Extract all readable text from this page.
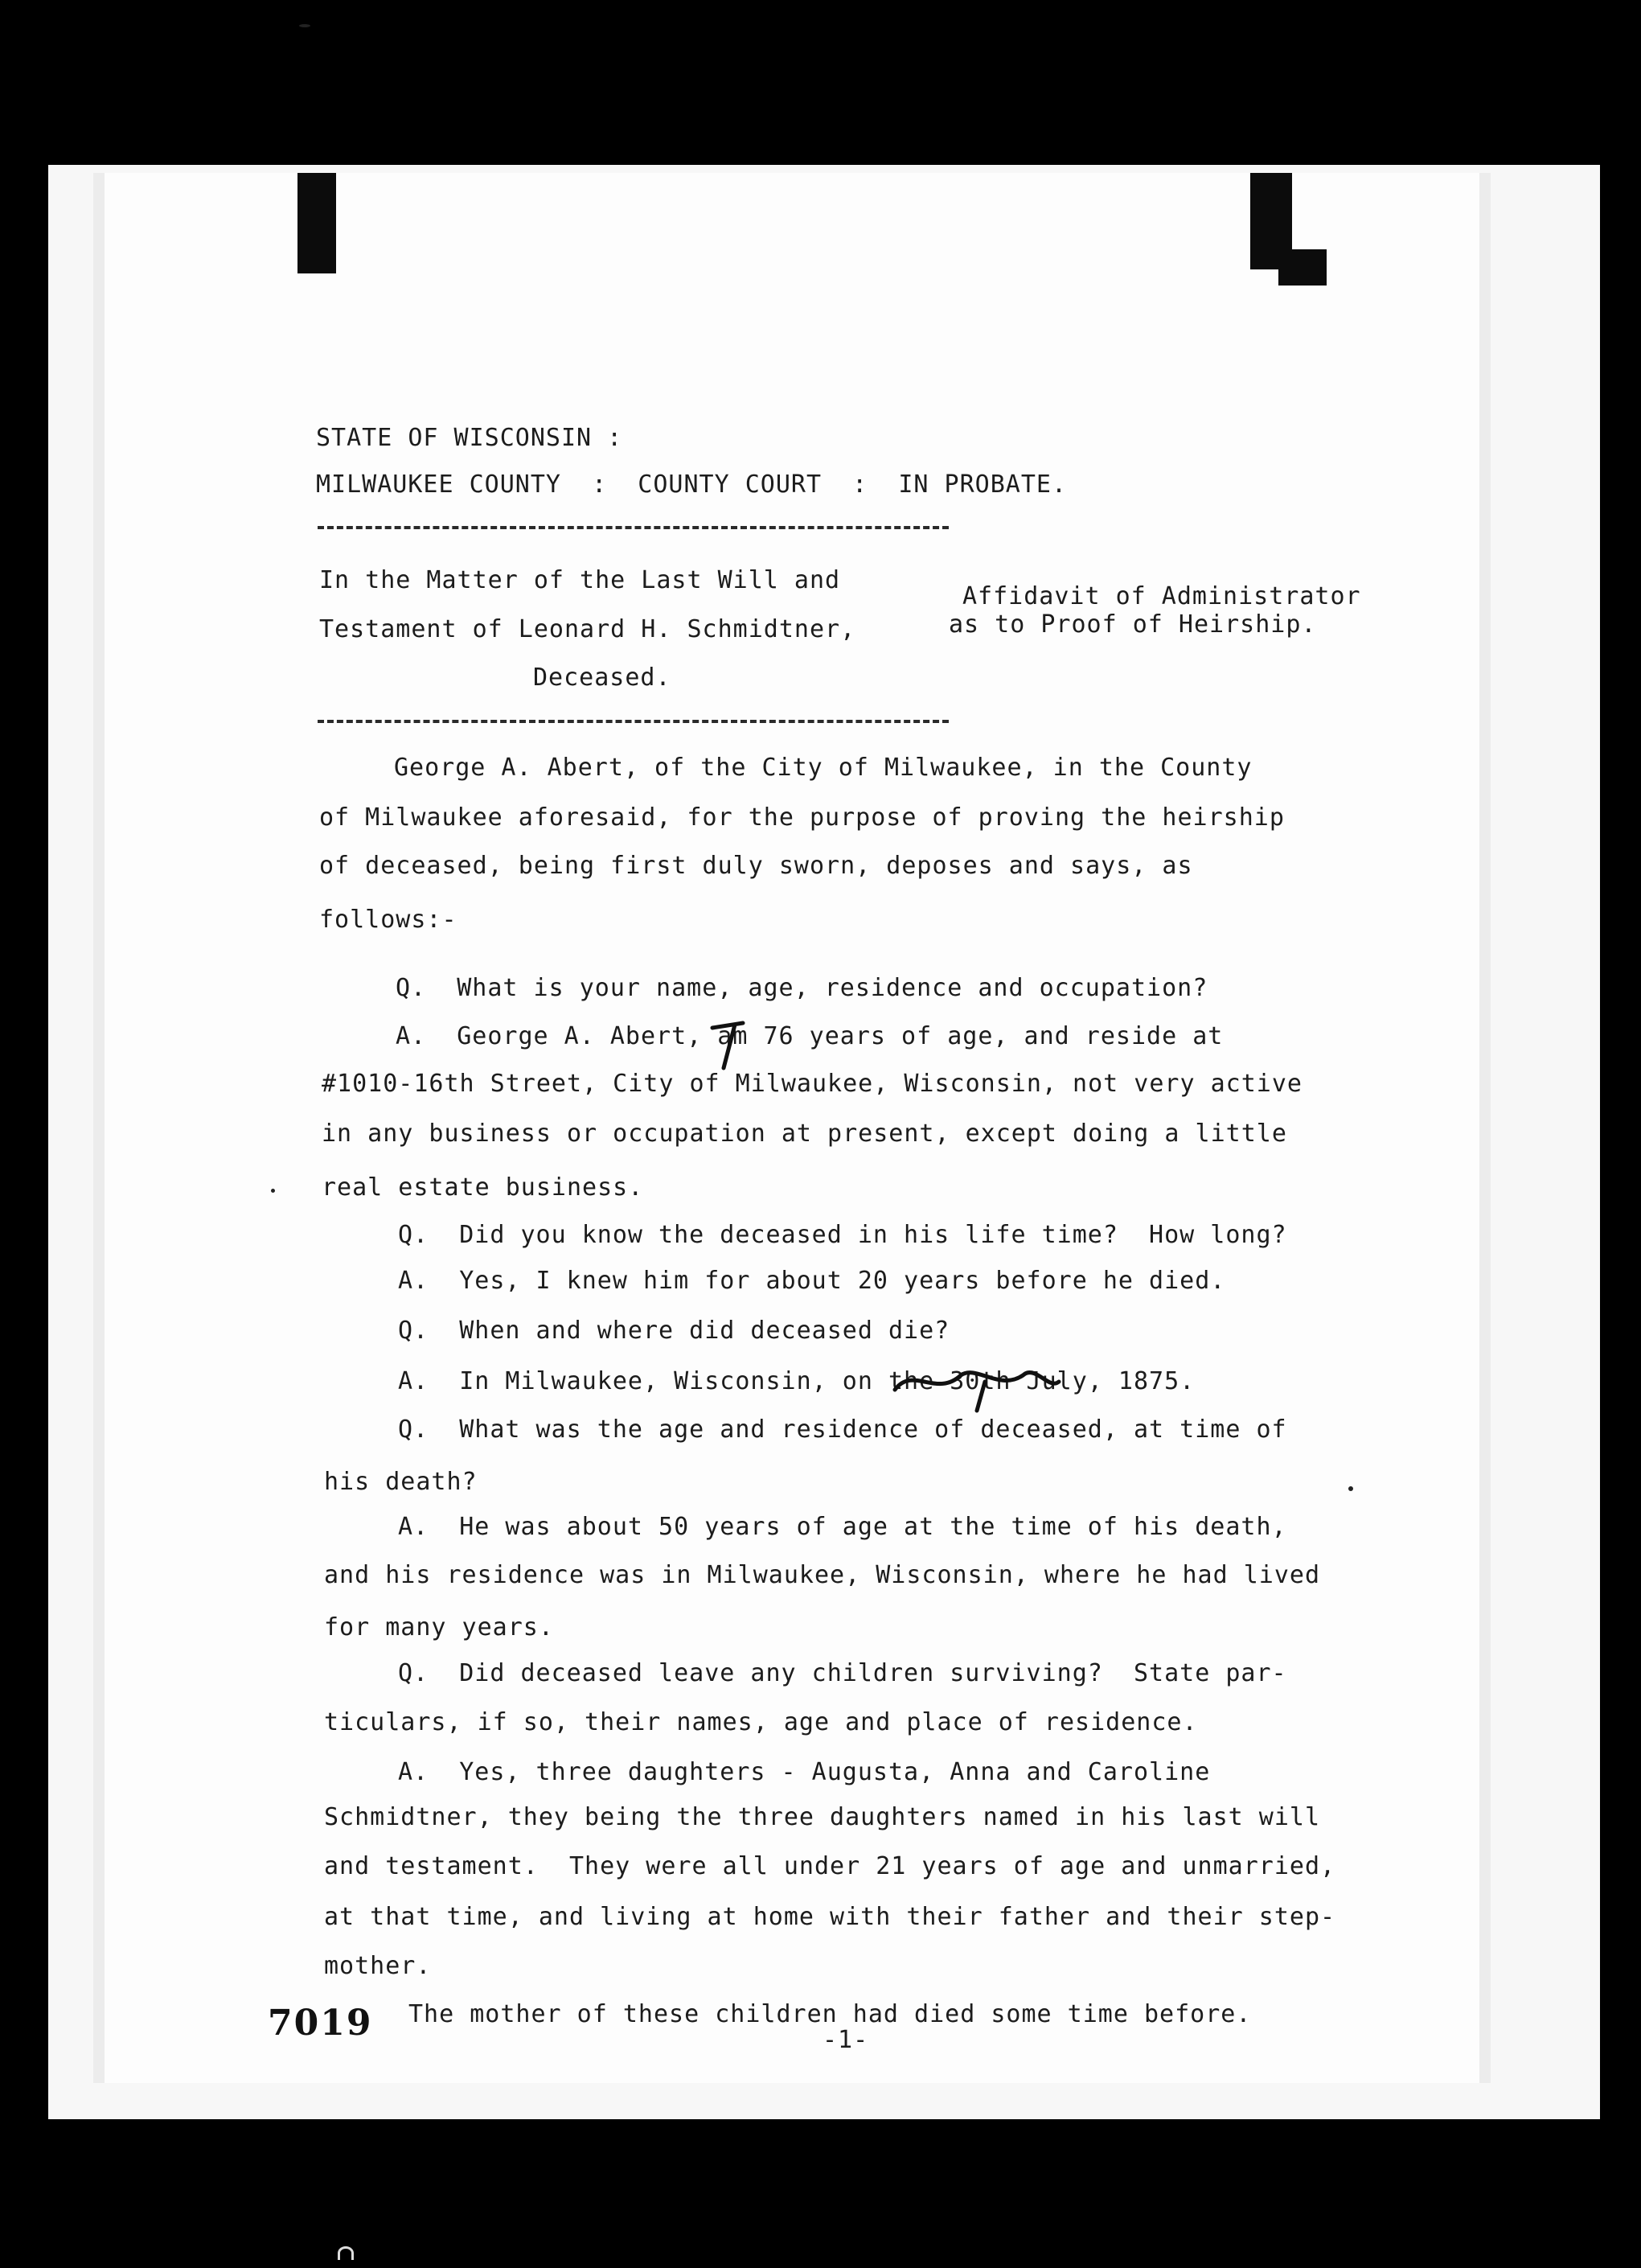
STATE OF WISCONSIN :
MILWAUKEE COUNTY  :  COUNTY COURT  :  IN PROBATE.
In the Matter of the Last Will and
Testament of Leonard H. Schmidtner,
Deceased.
Affidavit of Administrator
as to Proof of Heirship.
George A. Abert, of the City of Milwaukee, in the County
of Milwaukee aforesaid, for the purpose of proving the heirship
of deceased, being first duly sworn, deposes and says, as
follows:-
Q.  What is your name, age, residence and occupation?
A.  George A. Abert, am 76 years of age, and reside at
#1010-16th Street, City of Milwaukee, Wisconsin, not very active
in any business or occupation at present, except doing a little
real estate business.
Q.  Did you know the deceased in his life time?  How long?
A.  Yes, I knew him for about 20 years before he died.
Q.  When and where did deceased die?
A.  In Milwaukee, Wisconsin, on the 30th July, 1875.
Q.  What was the age and residence of deceased, at time of
his death?
A.  He was about 50 years of age at the time of his death,
and his residence was in Milwaukee, Wisconsin, where he had lived
for many years.
Q.  Did deceased leave any children surviving?  State par-
ticulars, if so, their names, age and place of residence.
A.  Yes, three daughters - Augusta, Anna and Caroline
Schmidtner, they being the three daughters named in his last will
and testament.  They were all under 21 years of age and unmarried,
at that time, and living at home with their father and their step-
mother.
The mother of these children had died some time before.
7019	-1-
